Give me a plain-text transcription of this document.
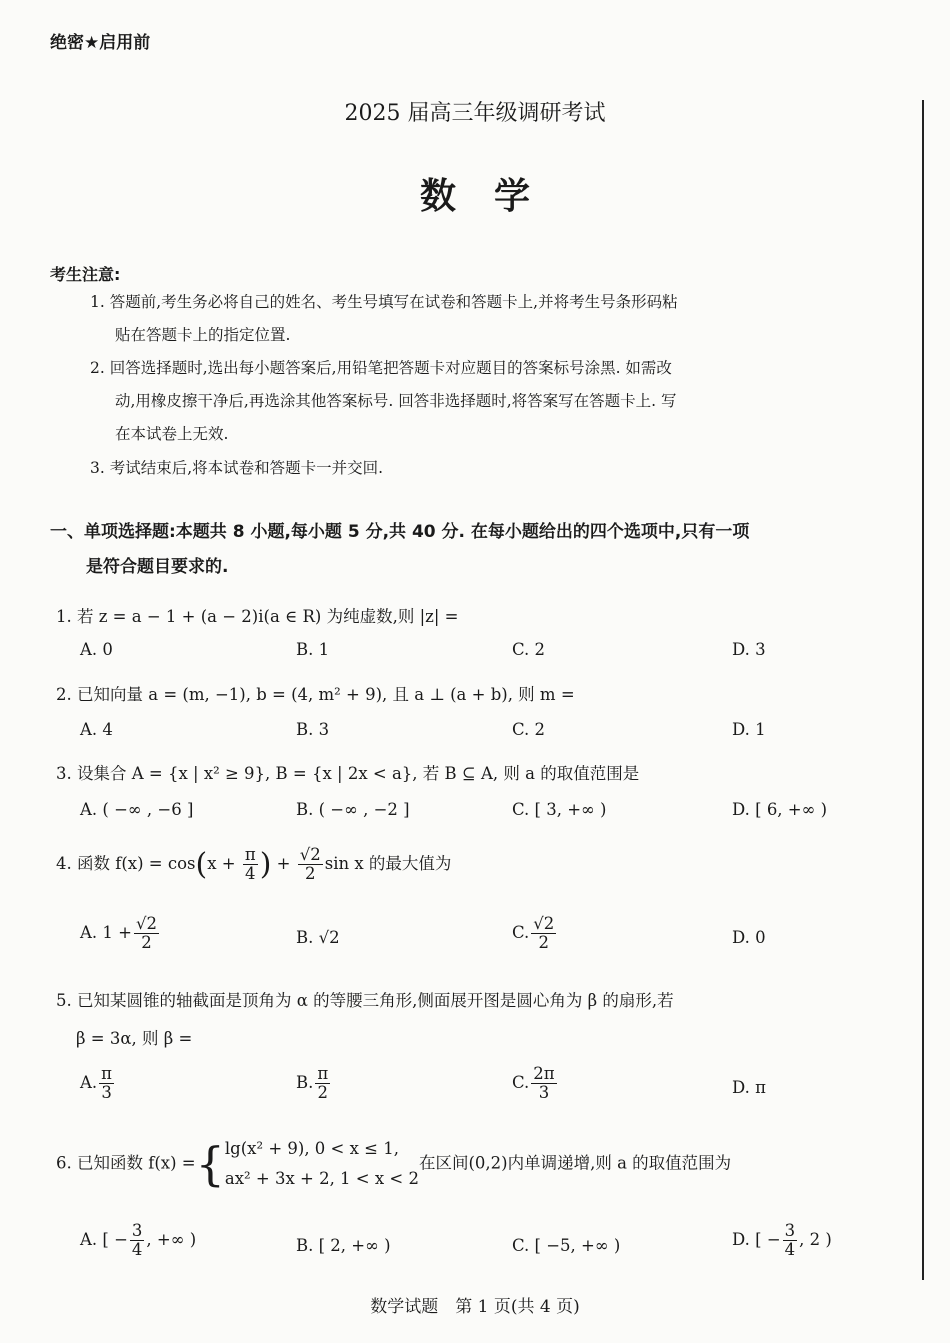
绝密★启用前
2025 届高三年级调研考试
数学
考生注意:
1. 答题前,考生务必将自己的姓名、考生号填写在试卷和答题卡上,并将考生号条形码粘
贴在答题卡上的指定位置.
2. 回答选择题时,选出每小题答案后,用铅笔把答题卡对应题目的答案标号涂黑. 如需改
动,用橡皮擦干净后,再选涂其他答案标号. 回答非选择题时,将答案写在答题卡上. 写
在本试卷上无效.
3. 考试结束后,将本试卷和答题卡一并交回.
一、单项选择题:本题共 8 小题,每小题 5 分,共 40 分. 在每小题给出的四个选项中,只有一项
是符合题目要求的.
1. 若 z = a − 1 + (a − 2)i(a ∈ R) 为纯虚数,则 |z| =
A. 0	B. 1	C. 2	D. 3
2. 已知向量 a = (m, −1), b = (4, m² + 9), 且 a ⊥ (a + b), 则 m =
A. 4	B. 3	C. 2	D. 1
3. 设集合 A = {x | x² ≥ 9}, B = {x | 2x < a}, 若 B ⊆ A, 则 a 的取值范围是
A. ( −∞ , −6 ]	B. ( −∞ , −2 ]	C. [ 3, +∞ )	D. [ 6, +∞ )
4. 函数 $f(x) = \cos(x + \frac{\pi}{4}$ ) + $\frac{√2}{2}$ sin x 的最大值为
A. $1 + \frac{√2}{2}$	B. √2	C. $\frac{√2}{2}$	D. 0
5. 已知某圆锥的轴截面是顶角为 α 的等腰三角形,侧面展开图是圆心角为 β 的扇形,若
β = 3α, 则 β =
A. $\frac{\pi}{3}$	B. $\frac{\pi}{2}$	C. $\frac{2\pi}{3}$	D. π
6. 已知函数 f(x) ={ lg(x² + 9), 0 < x ≤ 1,
ax² + 3x + 2, 1 < x < 2
在区间(0,2)内单调递增,则 a 的取值范围为
A. [ − $\frac{3}{4}$ , +∞ )	B. [ 2, +∞ )	C. [ −5, +∞ )	D. [ − $\frac{3}{4}$ , 2 )
数学试题　第 1 页(共 4 页)
